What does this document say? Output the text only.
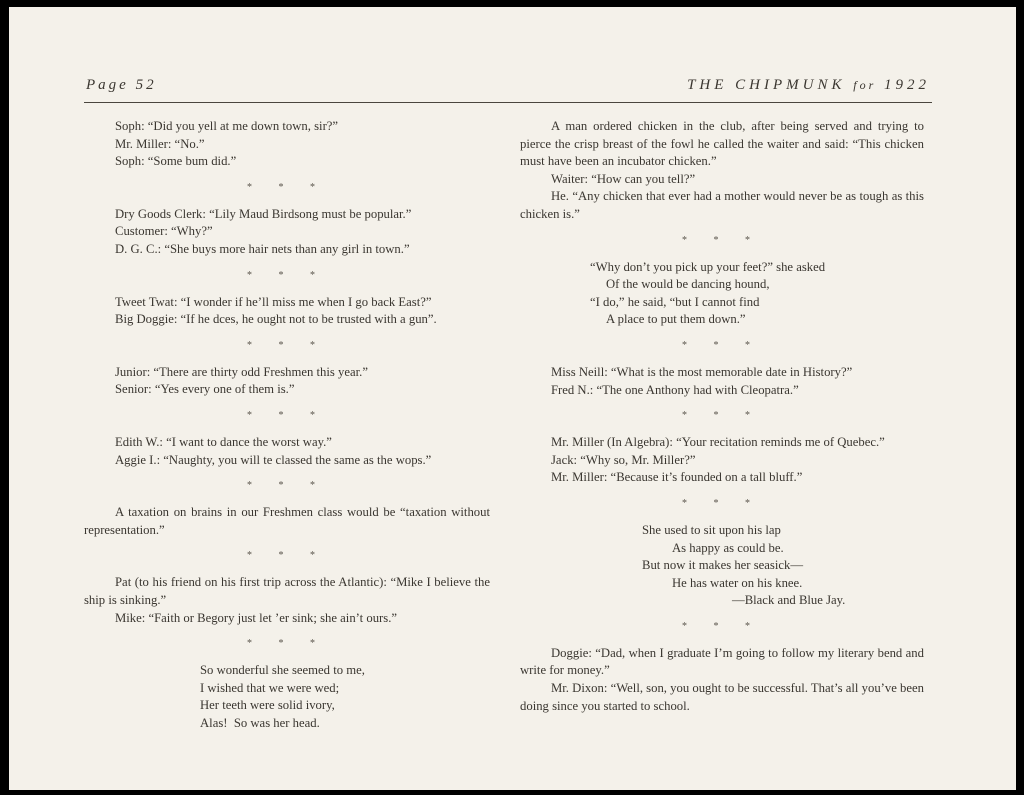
Page 52	THE CHIPMUNK for 1922

Soph: “Did you yell at me down town, sir?”

Mr. Miller: “No.”

Soph: “Some bum did.”

* * *

Dry Goods Clerk: “Lily Maud Birdsong must be popular.”

Customer: “Why?”

D. G. C.: “She buys more hair nets than any girl in town.”

* * *

Tweet Twat: “I wonder if he’ll miss me when I go back East?”

Big Doggie: “If he dces, he ought not to be trusted with a gun”.

* * *

Junior: “There are thirty odd Freshmen this year.”

Senior: “Yes every one of them is.”

* * *

Edith W.: “I want to dance the worst way.”

Aggie I.: “Naughty, you will te classed the same as the wops.”

* * *

A taxation on brains in our Freshmen class would be “taxation without representation.”

* * *

Pat (to his friend on his first trip across the Atlantic): “Mike I believe the ship is sinking.”

Mike: “Faith or Begory just let ’er sink; she ain’t ours.”

* * *
So wonderful she seemed to me,
I wished that we were wed;
Her teeth were solid ivory,
Alas!  So was her head.

A man ordered chicken in the club, after being served and trying to pierce the crisp breast of the fowl he called the waiter and said: “This chicken must have been an incubator chicken.”

Waiter: “How can you tell?”

He. “Any chicken that ever had a mother would never be as tough as this chicken is.”

* * *
“Why don’t you pick up your feet?” she asked
Of the would be dancing hound,
“I do,” he said, “but I cannot find
A place to put them down.”
* * *

Miss Neill: “What is the most memorable date in History?”

Fred N.: “The one Anthony had with Cleopatra.”

* * *

Mr. Miller (In Algebra): “Your recitation reminds me of Quebec.”

Jack: “Why so, Mr. Miller?”

Mr. Miller: “Because it’s founded on a tall bluff.”

* * *
She used to sit upon his lap
As happy as could be.
But now it makes her seasick—
He has water on his knee.
—Black and Blue Jay.
* * *

Doggie: “Dad, when I graduate I’m going to follow my literary bend and write for money.”

Mr. Dixon: “Well, son, you ought to be successful. That’s all you’ve been doing since you started to school.
